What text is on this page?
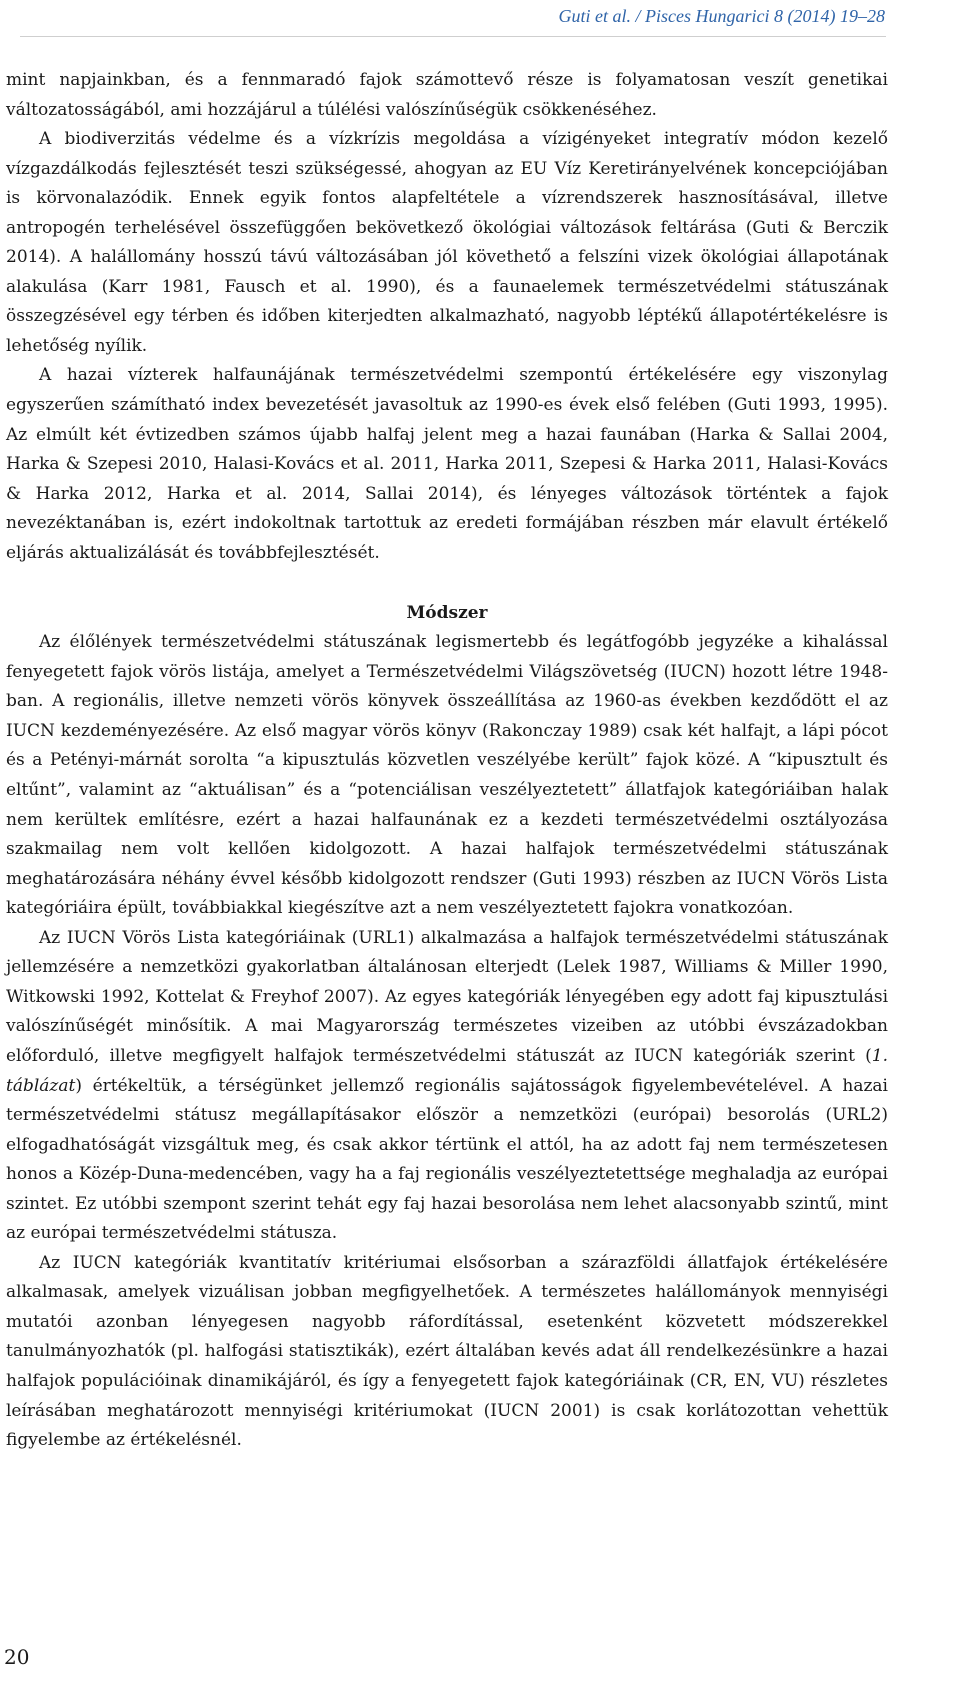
Guti et al. / Pisces Hungarici 8 (2014) 19–28

mint napjainkban, és a fennmaradó fajok számottevő része is folyamatosan veszít genetikai változatosságából, ami hozzájárul a túlélési valószínűségük csökkenéséhez.

A biodiverzitás védelme és a vízkrízis megoldása a vízigényeket integratív módon kezelő vízgazdálkodás fejlesztését teszi szükségessé, ahogyan az EU Víz Keretirányelvének koncepciójában is körvonalazódik. Ennek egyik fontos alapfeltétele a vízrendszerek hasznosításával, illetve antropogén terhelésével összefüggően bekövetkező ökológiai változások feltárása (Guti & Berczik 2014). A halállomány hosszú távú változásában jól követhető a felszíni vizek ökológiai állapotának alakulása (Karr 1981, Fausch et al. 1990), és a faunaelemek természetvédelmi státuszának összegzésével egy térben és időben kiterjedten alkalmazható, nagyobb léptékű állapotértékelésre is lehetőség nyílik.

A hazai vízterek halfaunájának természetvédelmi szempontú értékelésére egy viszonylag egyszerűen számítható index bevezetését javasoltuk az 1990-es évek első felében (Guti 1993, 1995). Az elmúlt két évtizedben számos újabb halfaj jelent meg a hazai faunában (Harka & Sallai 2004, Harka & Szepesi 2010, Halasi-Kovács et al. 2011, Harka 2011, Szepesi & Harka 2011, Halasi-Kovács & Harka 2012, Harka et al. 2014, Sallai 2014), és lényeges változások történtek a fajok nevezéktanában is, ezért indokoltnak tartottuk az eredeti formájában részben már elavult értékelő eljárás aktualizálását és továbbfejlesztését.

Módszer

Az élőlények természetvédelmi státuszának legismertebb és legátfogóbb jegyzéke a kihalással fenyegetett fajok vörös listája, amelyet a Természetvédelmi Világszövetség (IUCN) hozott létre 1948-ban. A regionális, illetve nemzeti vörös könyvek összeállítása az 1960-as években kezdődött el az IUCN kezdeményezésére. Az első magyar vörös könyv (Rakonczay 1989) csak két halfajt, a lápi pócot és a Petényi-márnát sorolta “a kipusztulás közvetlen veszélyébe került” fajok közé. A “kipusztult és eltűnt”, valamint az “aktuálisan” és a “potenciálisan veszélyeztetett” állatfajok kategóriáiban halak nem kerültek említésre, ezért a hazai halfaunának ez a kezdeti természetvédelmi osztályozása szakmailag nem volt kellően kidolgozott. A hazai halfajok természetvédelmi státuszának meghatározására néhány évvel később kidolgozott rendszer (Guti 1993) részben az IUCN Vörös Lista kategóriáira épült, továbbiakkal kiegészítve azt a nem veszélyeztetett fajokra vonatkozóan.

Az IUCN Vörös Lista kategóriáinak (URL1) alkalmazása a halfajok természetvédelmi státuszának jellemzésére a nemzetközi gyakorlatban általánosan elterjedt (Lelek 1987, Williams & Miller 1990, Witkowski 1992, Kottelat & Freyhof 2007). Az egyes kategóriák lényegében egy adott faj kipusztulási valószínűségét minősítik. A mai Magyarország természetes vizeiben az utóbbi évszázadokban előforduló, illetve megfigyelt halfajok természetvédelmi státuszát az IUCN kategóriák szerint (1. táblázat) értékeltük, a térségünket jellemző regionális sajátosságok figyelembevételével. A hazai természetvédelmi státusz megállapításakor először a nemzetközi (európai) besorolás (URL2) elfogadhatóságát vizsgáltuk meg, és csak akkor tértünk el attól, ha az adott faj nem természetesen honos a Közép-Duna-medencében, vagy ha a faj regionális veszélyeztetettsége meghaladja az európai szintet. Ez utóbbi szempont szerint tehát egy faj hazai besorolása nem lehet alacsonyabb szintű, mint az európai természetvédelmi státusza.

Az IUCN kategóriák kvantitatív kritériumai elsősorban a szárazföldi állatfajok értékelésére alkalmasak, amelyek vizuálisan jobban megfigyelhetőek. A természetes halállományok mennyiségi mutatói azonban lényegesen nagyobb ráfordítással, esetenként közvetett módszerekkel tanulmányozhatók (pl. halfogási statisztikák), ezért általában kevés adat áll rendelkezésünkre a hazai halfajok populációinak dinamikájáról, és így a fenyegetett fajok kategóriáinak (CR, EN, VU) részletes leírásában meghatározott mennyiségi kritériumokat (IUCN 2001) is csak korlátozottan vehettük figyelembe az értékelésnél.

20
